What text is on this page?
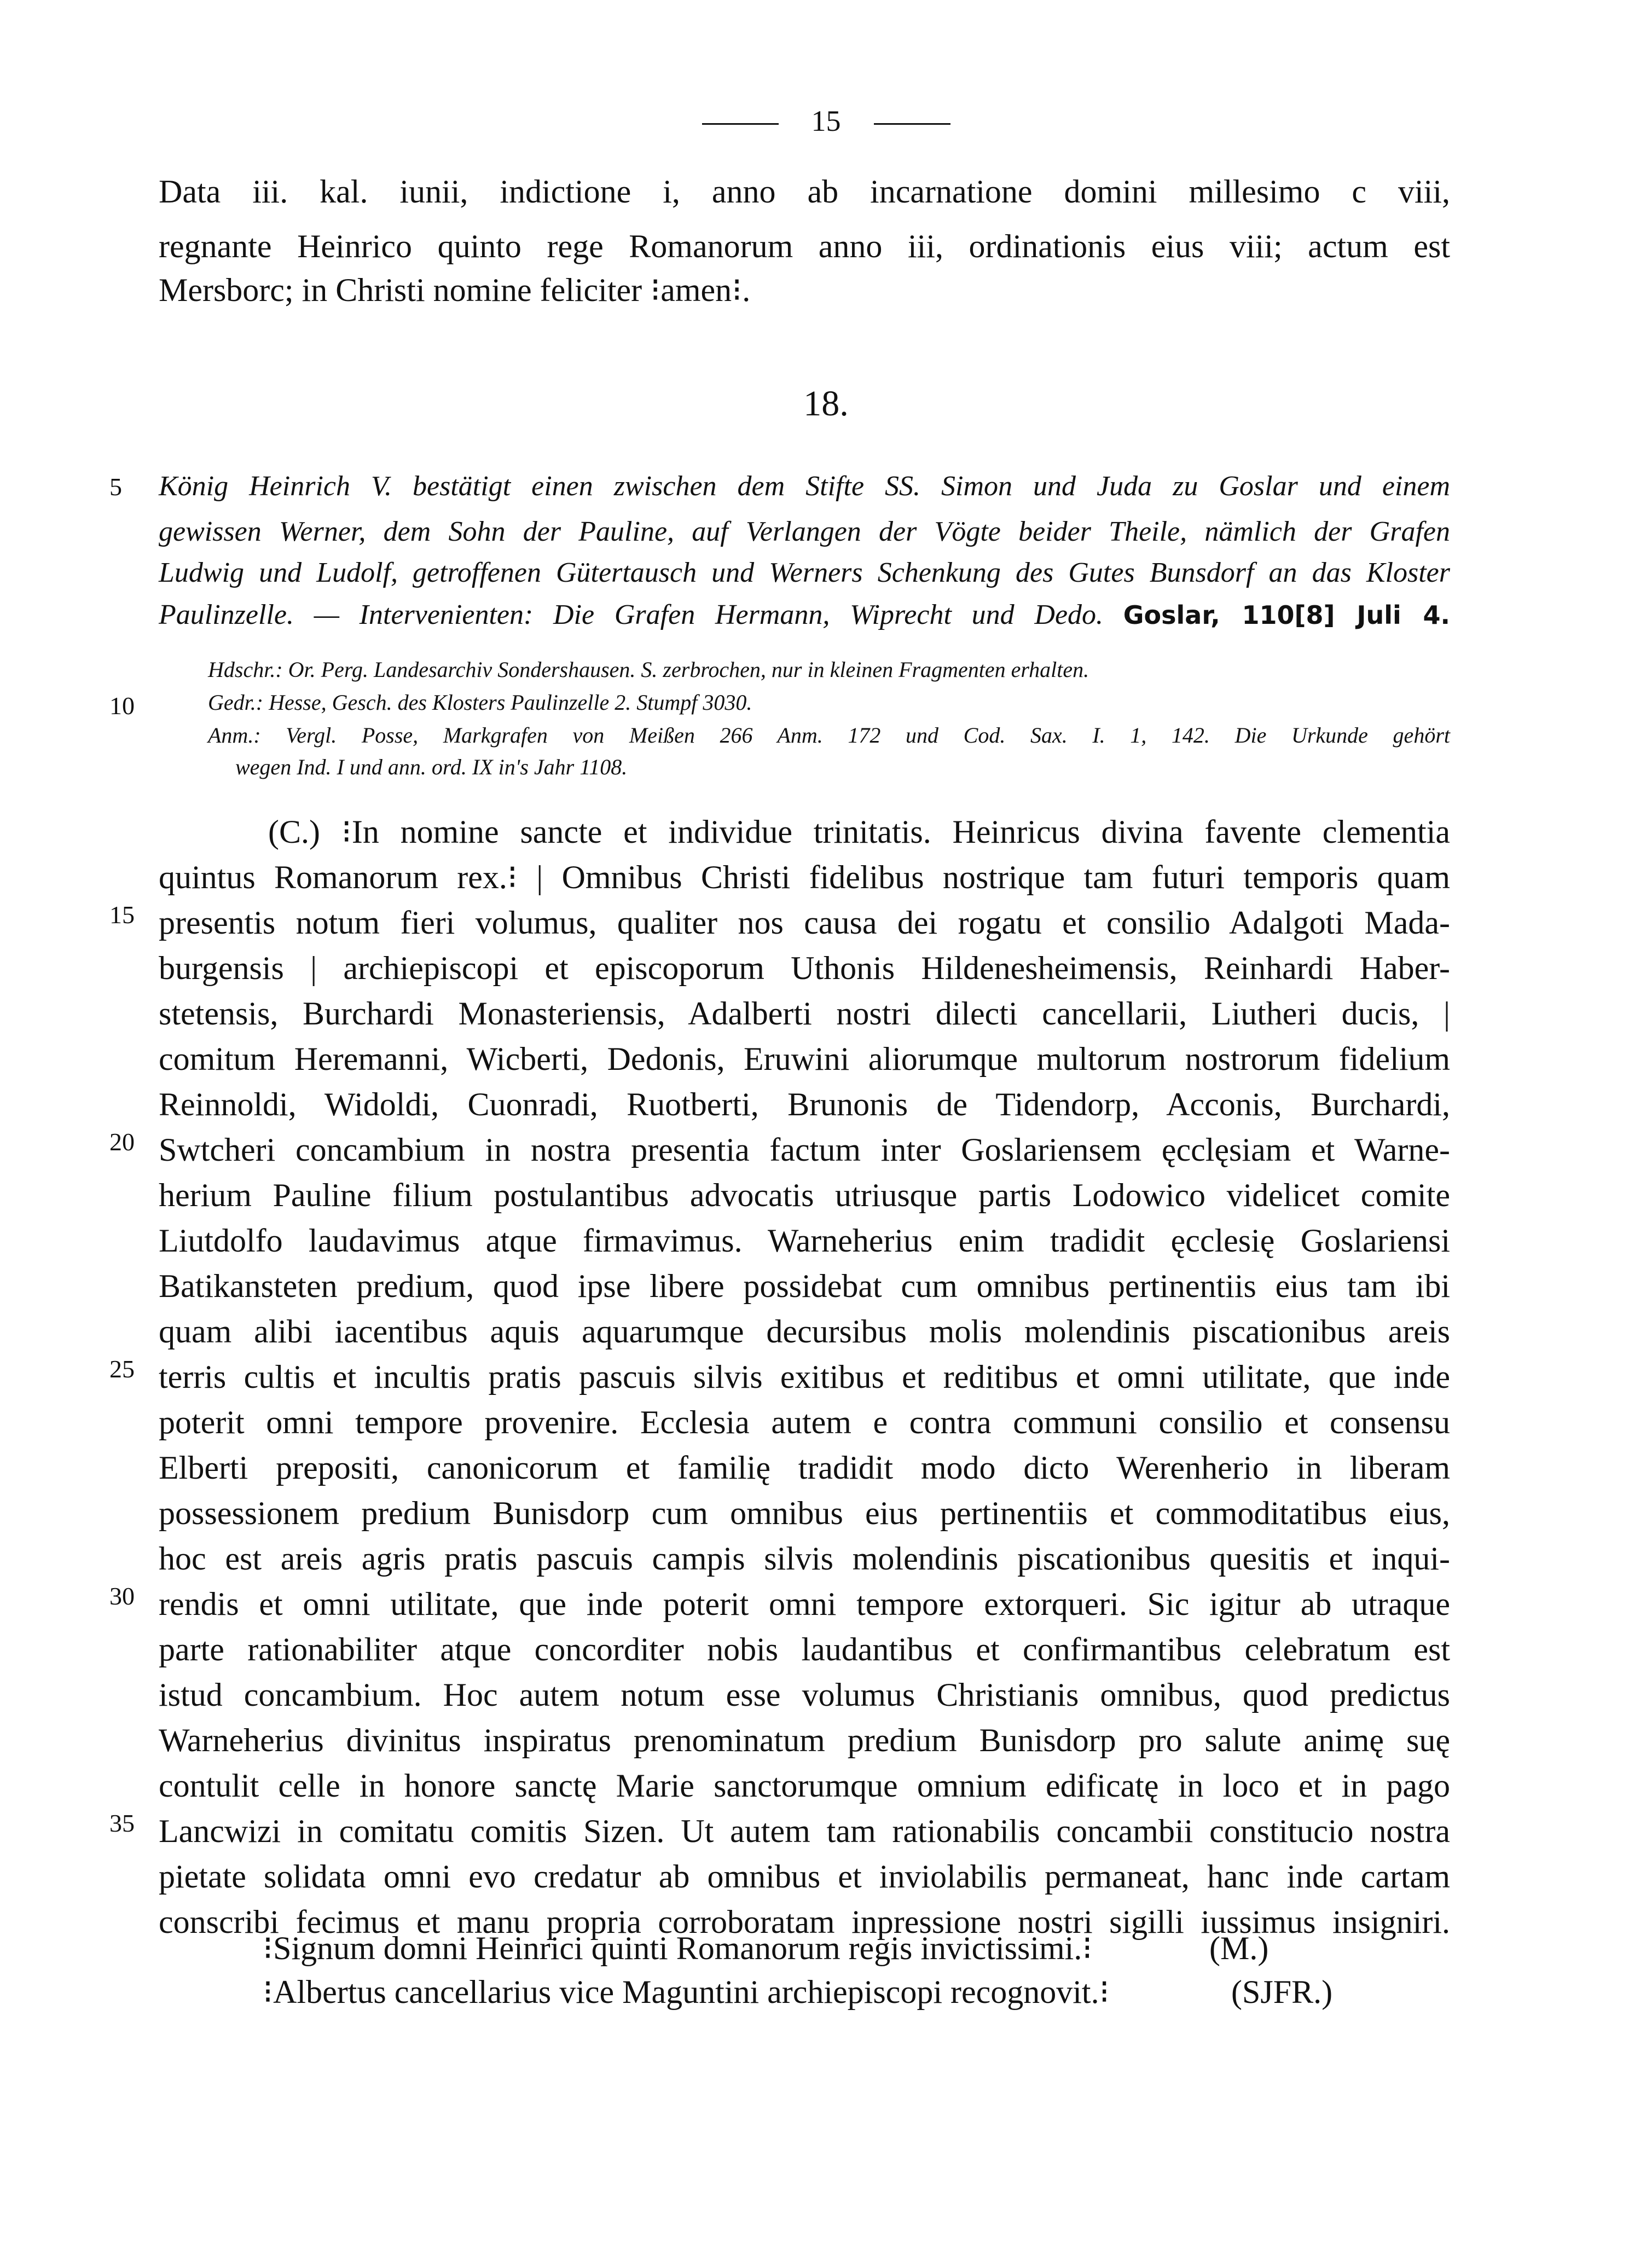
15
Data iii. kal. iunii, indictione i, anno ab incarnatione domini millesimo c viii,
regnante Heinrico quinto rege Romanorum anno iii, ordinationis eius viii; actum est
Mersborc; in Christi nomine feliciter ⁝amen⁝.
18.
5 König Heinrich V. bestätigt einen zwischen dem Stifte SS. Simon und Juda zu Goslar und einem
gewissen Werner, dem Sohn der Pauline, auf Verlangen der Vögte beider Theile, nämlich der Grafen
Ludwig und Ludolf, getroffenen Gütertausch und Werners Schenkung des Gutes Bunsdorf an das Kloster
Paulinzelle. — Intervenienten: Die Grafen Hermann, Wiprecht und Dedo. Goslar, 110[8] Juli 4.
Hdschr.: Or. Perg. Landesarchiv Sondershausen. S. zerbrochen, nur in kleinen Fragmenten erhalten.
10	Gedr.: Hesse, Gesch. des Klosters Paulinzelle 2. Stumpf 3030.
Anm.: Vergl. Posse, Markgrafen von Meißen 266 Anm. 172 und Cod. Sax. I. 1, 142. Die Urkunde gehört
wegen Ind. I und ann. ord. IX in's Jahr 1108.
(C.) ⁝In nomine sancte et individue trinitatis. Heinricus divina favente clementia
quintus Romanorum rex.⁝ | Omnibus Christi fidelibus nostrique tam futuri temporis quam
presentis notum fieri volumus, qualiter nos causa dei rogatu et consilio Adalgoti Mada-
burgensis | archiepiscopi et episcoporum Uthonis Hildenesheimensis, Reinhardi Haber-
stetensis, Burchardi Monasteriensis, Adalberti nostri dilecti cancellarii, Liutheri ducis, |
comitum Heremanni, Wicberti, Dedonis, Eruwini aliorumque multorum nostrorum fidelium
Reinnoldi, Widoldi, Cuonradi, Ruotberti, Brunonis de Tidendorp, Acconis, Burchardi,
Swtcheri concambium in nostra presentia factum inter Goslariensem ęcclęsiam et Warne-
herium Pauline filium postulantibus advocatis utriusque partis Lodowico videlicet comite
Liutdolfo laudavimus atque firmavimus. Warneherius enim tradidit ęcclesię Goslariensi
Batikansteten predium, quod ipse libere possidebat cum omnibus pertinentiis eius tam ibi
quam alibi iacentibus aquis aquarumque decursibus molis molendinis piscationibus areis
terris cultis et incultis pratis pascuis silvis exitibus et reditibus et omni utilitate, que inde
poterit omni tempore provenire. Ecclesia autem e contra communi consilio et consensu
Elberti prepositi, canonicorum et familię tradidit modo dicto Werenherio in liberam
possessionem predium Bunisdorp cum omnibus eius pertinentiis et commoditatibus eius,
hoc est areis agris pratis pascuis campis silvis molendinis piscationibus quesitis et inqui-
rendis et omni utilitate, que inde poterit omni tempore extorqueri. Sic igitur ab utraque
parte rationabiliter atque concorditer nobis laudantibus et confirmantibus celebratum est
istud concambium. Hoc autem notum esse volumus Christianis omnibus, quod predictus
Warneherius divinitus inspiratus prenominatum predium Bunisdorp pro salute animę suę
contulit celle in honore sanctę Marie sanctorumque omnium edificatę in loco et in pago
Lancwizi in comitatu comitis Sizen. Ut autem tam rationabilis concambii constitucio nostra
pietate solidata omni evo credatur ab omnibus et inviolabilis permaneat, hanc inde cartam
conscribi fecimus et manu propria corroboratam inpressione nostri sigilli iussimus insigniri.
15
20
25
30
35
⁝Signum domni Heinrici quinti Romanorum regis invictissimi.⁝	(M.)
⁝Albertus cancellarius vice Maguntini archiepiscopi recognovit.⁝	(SJFR.)
